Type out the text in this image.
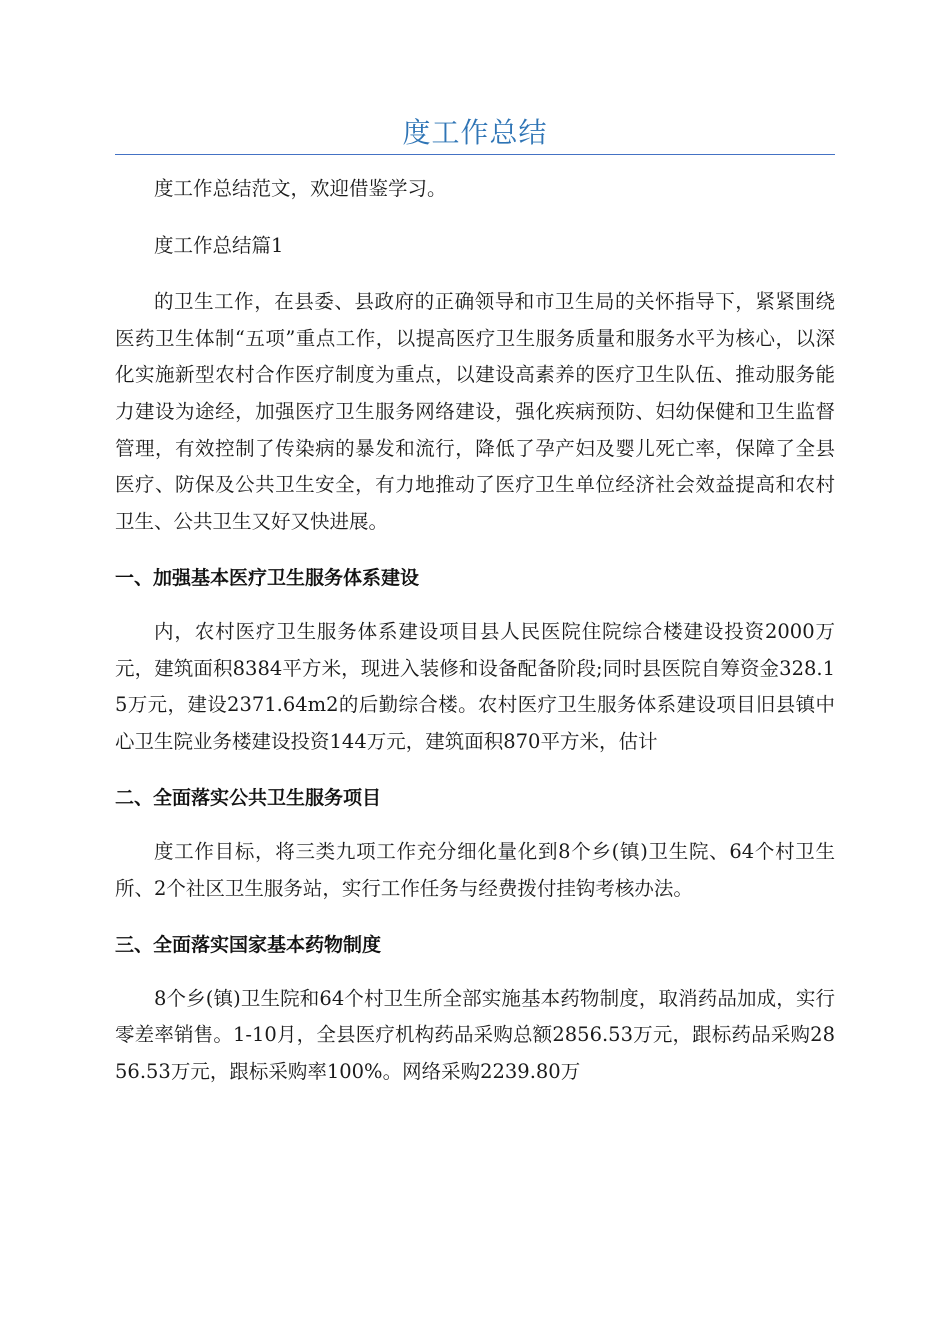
度工作总结

度工作总结范文，欢迎借鉴学习。

度工作总结篇1

的卫生工作，在县委、县政府的正确领导和市卫生局的关怀指导下，紧紧围绕医药卫生体制“五项”重点工作，以提高医疗卫生服务质量和服务水平为核心，以深化实施新型农村合作医疗制度为重点，以建设高素养的医疗卫生队伍、推动服务能力建设为途经，加强医疗卫生服务网络建设，强化疾病预防、妇幼保健和卫生监督管理，有效控制了传染病的暴发和流行，降低了孕产妇及婴儿死亡率，保障了全县医疗、防保及公共卫生安全，有力地推动了医疗卫生单位经济社会效益提高和农村卫生、公共卫生又好又快进展。

一、加强基本医疗卫生服务体系建设

内，农村医疗卫生服务体系建设项目县人民医院住院综合楼建设投资2000万元，建筑面积8384平方米，现进入装修和设备配备阶段;同时县医院自筹资金328.15万元，建设2371.64m2的后勤综合楼。农村医疗卫生服务体系建设项目旧县镇中心卫生院业务楼建设投资144万元，建筑面积870平方米，估计

二、全面落实公共卫生服务项目

度工作目标，将三类九项工作充分细化量化到8个乡(镇)卫生院、64个村卫生所、2个社区卫生服务站，实行工作任务与经费拨付挂钩考核办法。

三、全面落实国家基本药物制度

8个乡(镇)卫生院和64个村卫生所全部实施基本药物制度，取消药品加成，实行零差率销售。1-10月，全县医疗机构药品采购总额2856.53万元，跟标药品采购2856.53万元，跟标采购率100%。网络采购2239.80万
